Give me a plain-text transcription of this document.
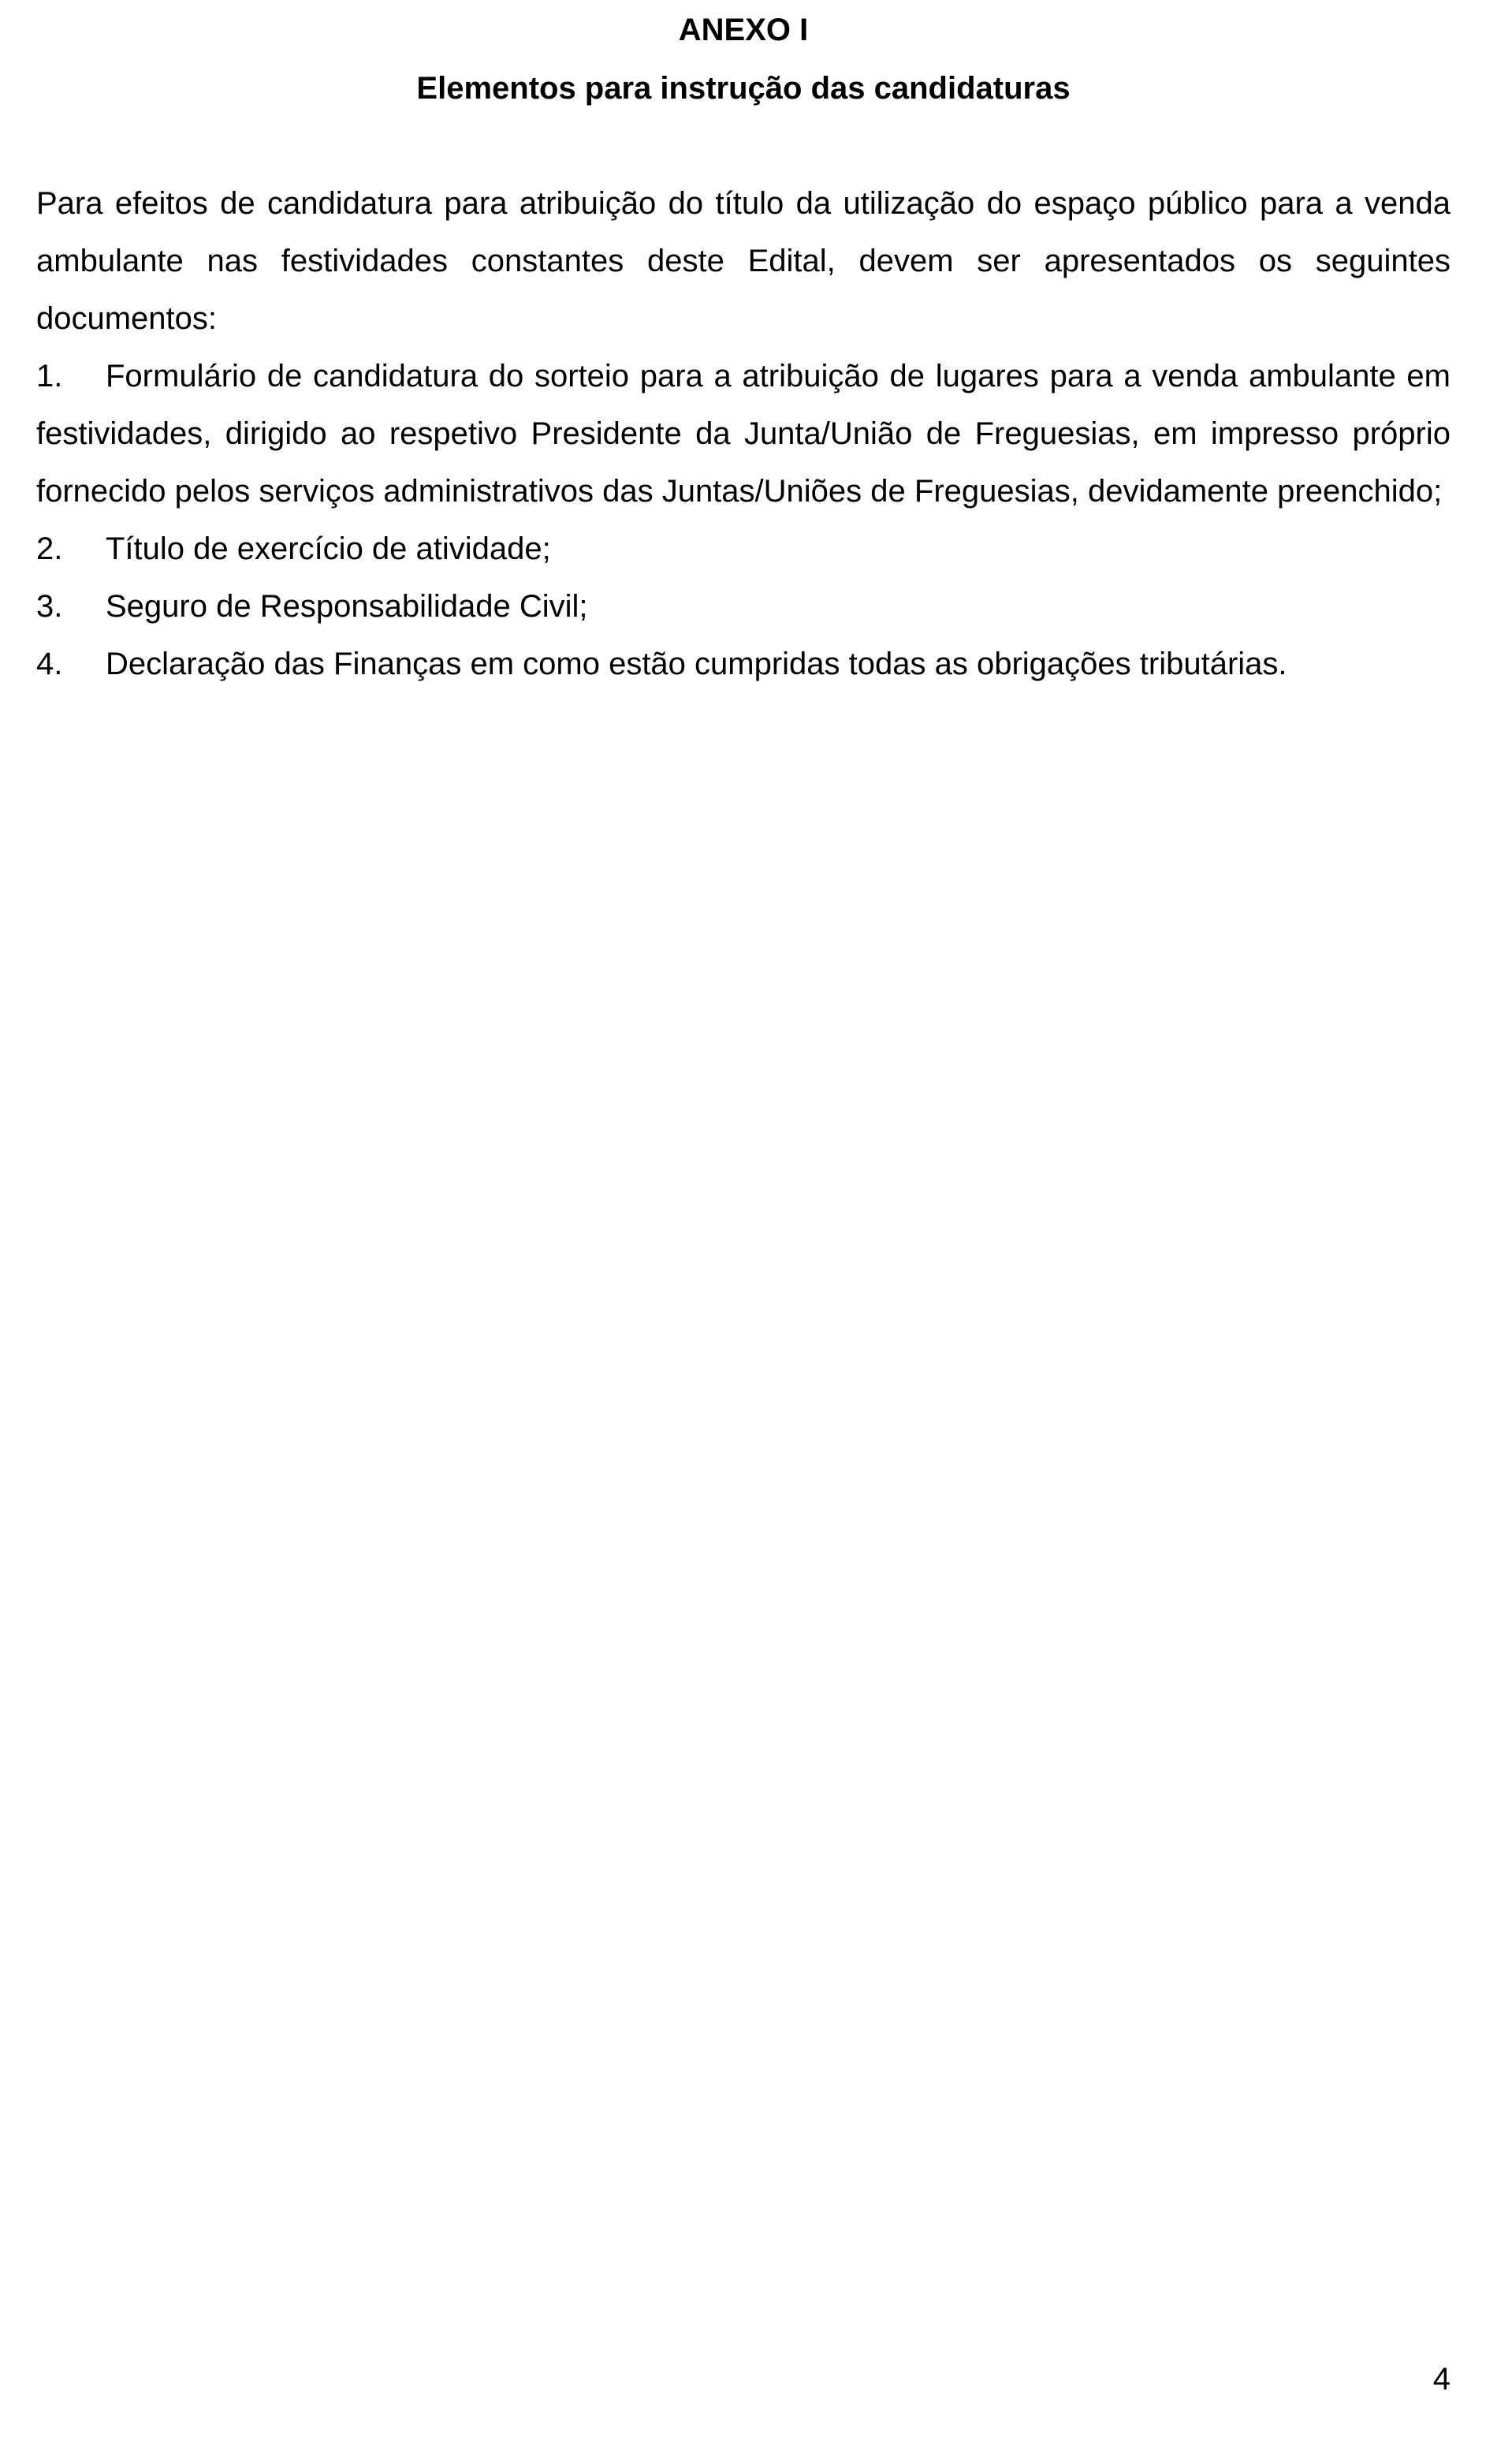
ANEXO I
Elementos para instrução das candidaturas

Para efeitos de candidatura para atribuição do título da utilização do espaço público para a venda ambulante nas festividades constantes deste Edital, devem ser apresentados os seguintes documentos:

1. Formulário de candidatura do sorteio para a atribuição de lugares para a venda ambulante em festividades, dirigido ao respetivo Presidente da Junta/União de Freguesias, em impresso próprio fornecido pelos serviços administrativos das Juntas/Uniões de Freguesias, devidamente preenchido;
2. Título de exercício de atividade;
3. Seguro de Responsabilidade Civil;
4. Declaração das Finanças em como estão cumpridas todas as obrigações tributárias.
4
